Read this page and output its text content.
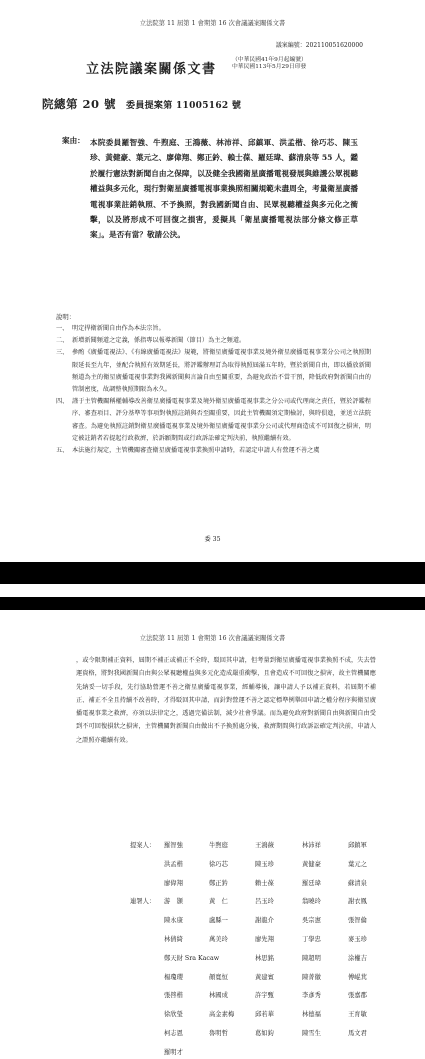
立法院第 11 屆第 1 會期第 16 次會議議案關係文書
議案編號：202110051620000
立法院議案關係文書
（中華民國41年9月起編號）
中華民國113年5月29日印發
院總第 20 號 委員提案第 11005162 號
案由： 本院委員羅智強、牛煦庭、王鴻薇、林沛祥、邱鎮軍、洪孟楷、徐巧芯、陳玉珍、黃健豪、葉元之、廖偉翔、鄭正鈐、賴士葆、羅廷瑋、蘇清泉等 55 人，鑑於履行憲法對新聞自由之保障，以及健全我國衛星廣播電視發展與維護公眾視聽權益與多元化，現行對衛星廣播電視事業換照相關規範未盡周全，考量衛星廣播電視事業註銷執照、不予換照，對我國新聞自由、民眾視聽權益與多元化之衝擊，以及將形成不可回復之損害，爰擬具「衛星廣播電視法部分條文修正草案」。是否有當？敬請公決。
說明：
一、 明定捍衛新聞自由作為本法宗旨。
二、 新增新聞頻道之定義，係指專以報導新聞（節目）為主之頻道。
三、 參酌《廣播電視法》、《有線廣播電視法》規範，將衛星廣播電視事業及境外衛星廣播電視事業分公司之執照期限延長至九年，並配合執照有效期延長，將評鑑辦理訂為取得執照屆滿五年時，暨於新聞自由，即以播放新聞頻道為主的衛星廣播電視事業對我國新聞與言論自由至關重要，為避免政治不當干預，降低政府對新聞自由的管制密度，故調整執照期限為永久。
四、 謹于主管機關稱權輔導改善衛星廣播電視事業及境外衛星廣播電視事業之分公司或代理商之責任，暨於評鑑程序、審查項目、評分基準等事項對執照註銷與否至關重要，因此主管機關須定期檢討，與時俱進，並送立法院審查。為避免執照註銷對衛星廣播電視事業及境外衛星廣播電視事業分公司或代理商造成不可回復之損害，明定被註銷者若提起行政救濟，於訴願期間或行政訴訟確定判決前，執照繼續有效。
五、 本法施行規定，主管機關審查衛星廣播電視事業換照申請時，若認定申請人有營運不善之虞
委 35
立法院第 11 屆第 1 會期第 16 次會議議案關係文書
，或令限期補正資料，屆期不補正或補正不全時，駁回其申請，但考量到衛星廣播電視事業換照不成，失去營運資格，將對我國新聞自由與公眾視聽權益與多元化造成嚴重衝擊，且會造成不可回復之損害，故主管機關應先納妥一切手段，先行協助營運不善之衛星廣播電視事業，經輔導後，讓申請人予以補正資料，若屆期不補正、補正不全且持續不改善時，才得駁回其申請，而針對營運不善之認定標準例舉回申請之權分程序與衛星廣播電視事業之救濟，亦須以法律定之，透過完備法制，減少社會爭議。而為避免政府對新聞自由與新聞自由受到不可回復損狀之損害，主管機關對新聞自由做出不予換照處分後，救濟期間與行政訴訟確定判決前，申請人之證照亦繼續有效。
提案人： 羅智強	牛煦庭	王鴻薇	林沛祥	邱鎮軍
洪孟楷	徐巧芯	陳玉珍	黃健豪	葉元之
廖偉翔	鄭正鈐	賴士葆	羅廷瑋	蘇清泉
連署人： 游　顥	黃　仁	呂玉玲	翁曉玲	謝衣鳯
陳永康	盧縣一	謝龍介	吳宗憲	張智倫
林倩綺	萬美玲	廖先翔	丁學忠	麥玉珍
鄭天財 Sra Kacaw	林思銘	陳超明	涂權吉
楊瓊瓔	顏寬恒	黃建賓	陳菁徽	傅崐萁
張啓楷	林國成	許宇甄	李彥秀	張嘉郡
徐欣瑩	高金素梅	邱若華	林德福	王育敏
柯志恩	魯明哲	葛如鈞	陳雪生	馬文君
羅明才
